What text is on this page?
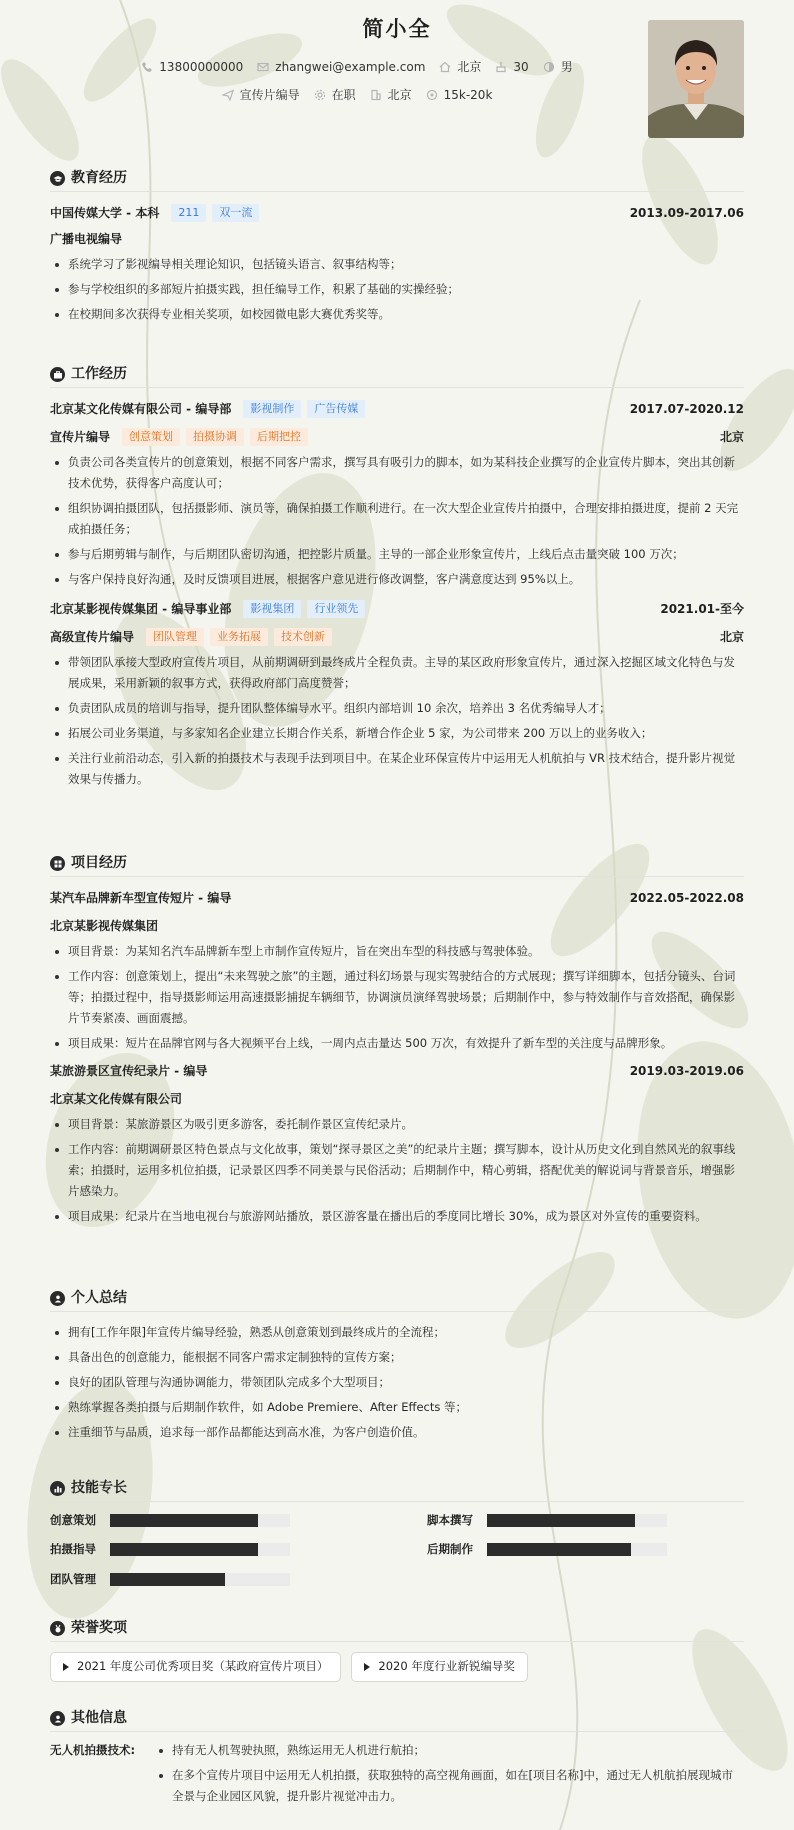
简小全
13800000000	zhangwei@example.com	北京	30	男
宣传片编导	在职	北京	15k-20k
教育经历
中国传媒大学 - 本科	211	双一流	2013.09-2017.06
广播电视编导
系统学习了影视编导相关理论知识，包括镜头语言、叙事结构等；
参与学校组织的多部短片拍摄实践，担任编导工作，积累了基础的实操经验；
在校期间多次获得专业相关奖项，如校园微电影大赛优秀奖等。
工作经历
北京某文化传媒有限公司 - 编导部	影视制作	广告传媒	2017.07-2020.12
宣传片编导	创意策划	拍摄协调	后期把控	北京
负责公司各类宣传片的创意策划，根据不同客户需求，撰写具有吸引力的脚本，如为某科技企业撰写的企业宣传片脚本，突出其创新技术优势，获得客户高度认可；
组织协调拍摄团队，包括摄影师、演员等，确保拍摄工作顺利进行。在一次大型企业宣传片拍摄中，合理安排拍摄进度，提前 2 天完成拍摄任务；
参与后期剪辑与制作，与后期团队密切沟通，把控影片质量。主导的一部企业形象宣传片，上线后点击量突破 100 万次；
与客户保持良好沟通，及时反馈项目进展，根据客户意见进行修改调整，客户满意度达到 95%以上。
北京某影视传媒集团 - 编导事业部	影视集团	行业领先	2021.01-至今
高级宣传片编导	团队管理	业务拓展	技术创新	北京
带领团队承接大型政府宣传片项目，从前期调研到最终成片全程负责。主导的某区政府形象宣传片，通过深入挖掘区域文化特色与发展成果，采用新颖的叙事方式，获得政府部门高度赞誉；
负责团队成员的培训与指导，提升团队整体编导水平。组织内部培训 10 余次，培养出 3 名优秀编导人才；
拓展公司业务渠道，与多家知名企业建立长期合作关系，新增合作企业 5 家，为公司带来 200 万以上的业务收入；
关注行业前沿动态，引入新的拍摄技术与表现手法到项目中。在某企业环保宣传片中运用无人机航拍与 VR 技术结合，提升影片视觉效果与传播力。
项目经历
某汽车品牌新车型宣传短片 - 编导	2022.05-2022.08
北京某影视传媒集团
项目背景：为某知名汽车品牌新车型上市制作宣传短片，旨在突出车型的科技感与驾驶体验。
工作内容：创意策划上，提出“未来驾驶之旅”的主题，通过科幻场景与现实驾驶结合的方式展现；撰写详细脚本，包括分镜头、台词等；拍摄过程中，指导摄影师运用高速摄影捕捉车辆细节，协调演员演绎驾驶场景；后期制作中，参与特效制作与音效搭配，确保影片节奏紧凑、画面震撼。
项目成果：短片在品牌官网与各大视频平台上线，一周内点击量达 500 万次，有效提升了新车型的关注度与品牌形象。
某旅游景区宣传纪录片 - 编导	2019.03-2019.06
北京某文化传媒有限公司
项目背景：某旅游景区为吸引更多游客，委托制作景区宣传纪录片。
工作内容：前期调研景区特色景点与文化故事，策划“探寻景区之美”的纪录片主题；撰写脚本，设计从历史文化到自然风光的叙事线索；拍摄时，运用多机位拍摄，记录景区四季不同美景与民俗活动；后期制作中，精心剪辑，搭配优美的解说词与背景音乐，增强影片感染力。
项目成果：纪录片在当地电视台与旅游网站播放，景区游客量在播出后的季度同比增长 30%，成为景区对外宣传的重要资料。
个人总结
拥有[工作年限]年宣传片编导经验，熟悉从创意策划到最终成片的全流程；
具备出色的创意能力，能根据不同客户需求定制独特的宣传方案；
良好的团队管理与沟通协调能力，带领团队完成多个大型项目；
熟练掌握各类拍摄与后期制作软件，如 Adobe Premiere、After Effects 等；
注重细节与品质，追求每一部作品都能达到高水准，为客户创造价值。
技能专长
创意策划	脚本撰写
拍摄指导	后期制作
团队管理
荣誉奖项
2021 年度公司优秀项目奖（某政府宣传片项目）	2020 年度行业新锐编导奖
其他信息
无人机拍摄技术:	持有无人机驾驶执照，熟练运用无人机进行航拍；
在多个宣传片项目中运用无人机拍摄，获取独特的高空视角画面，如在[项目名称]中，通过无人机航拍展现城市全景与企业园区风貌，提升影片视觉冲击力。
